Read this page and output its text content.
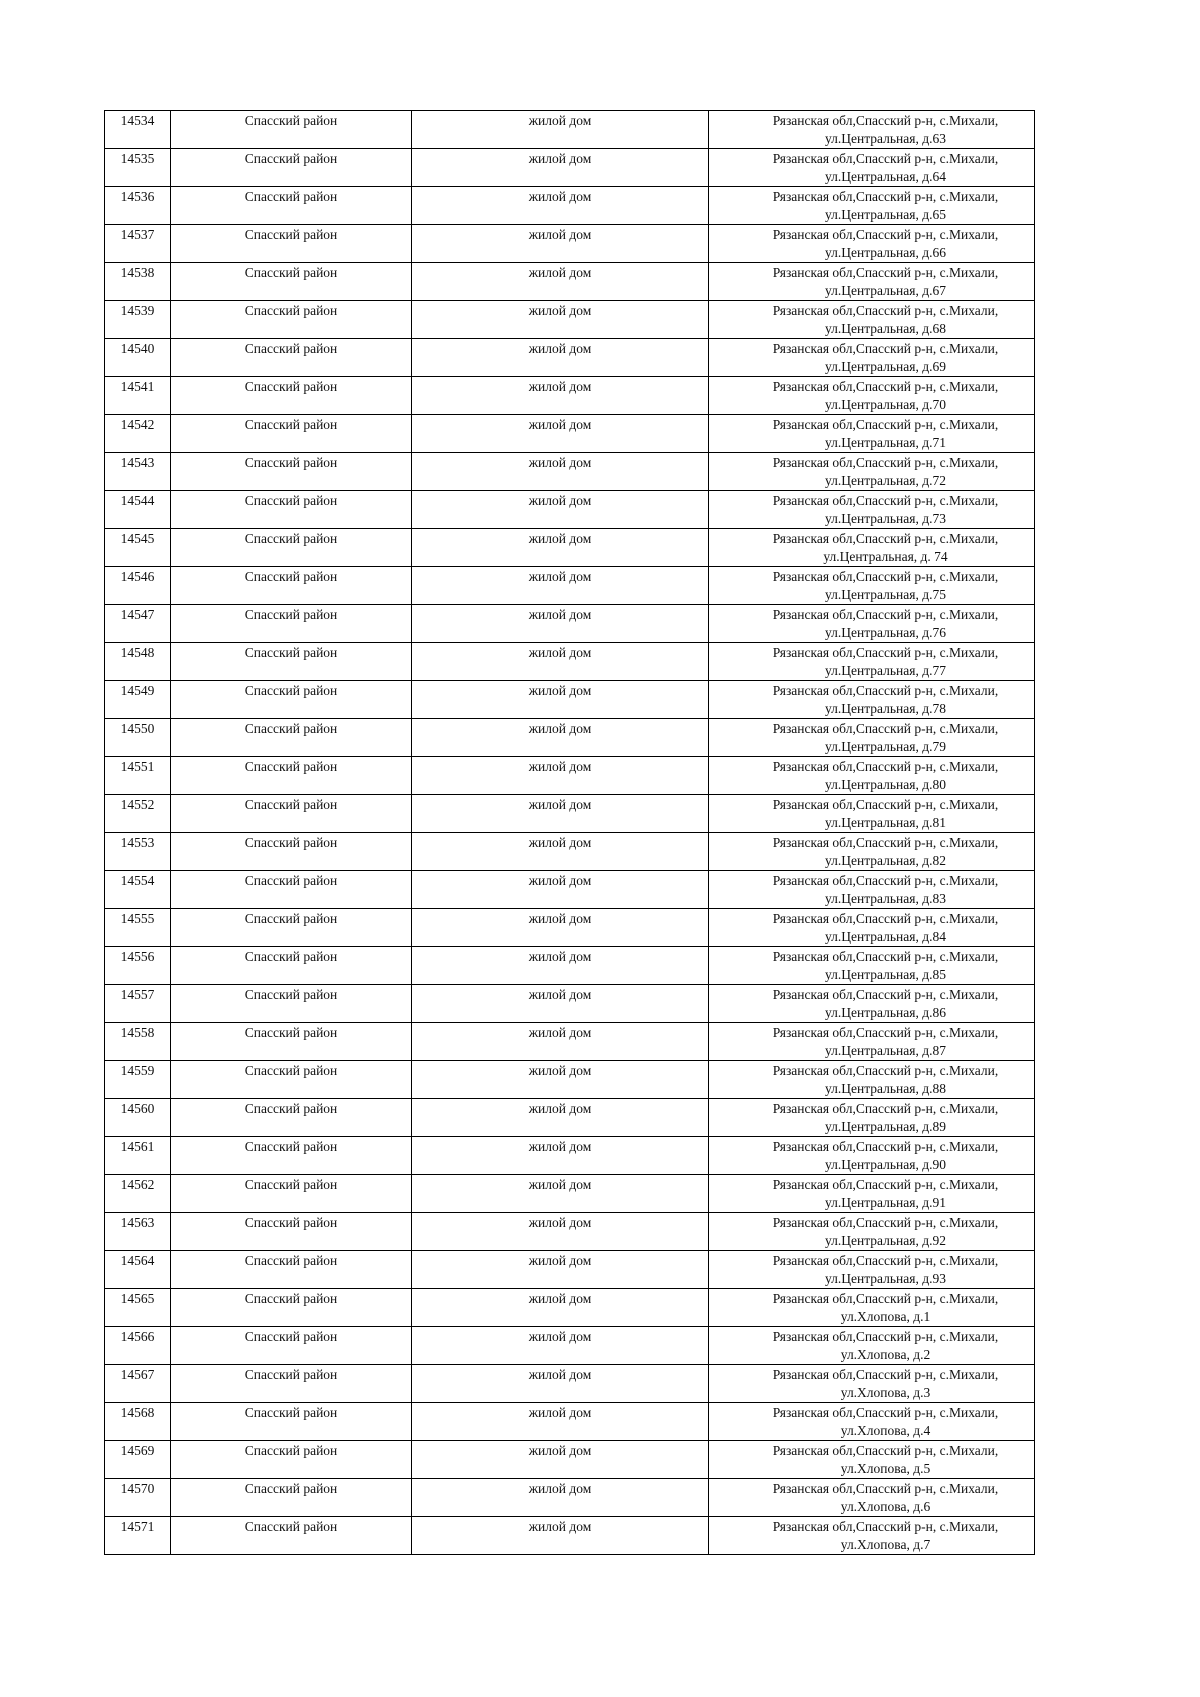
14534	Спасский район	жилой дом	Рязанская обл,Спасский р-н, с.Михали,
ул.Центральная, д.63

14535	Спасский район	жилой дом	Рязанская обл,Спасский р-н, с.Михали,
ул.Центральная, д.64

14536	Спасский район	жилой дом	Рязанская обл,Спасский р-н, с.Михали,
ул.Центральная, д.65

14537	Спасский район	жилой дом	Рязанская обл,Спасский р-н, с.Михали,
ул.Центральная, д.66

14538	Спасский район	жилой дом	Рязанская обл,Спасский р-н, с.Михали,
ул.Центральная, д.67

14539	Спасский район	жилой дом	Рязанская обл,Спасский р-н, с.Михали,
ул.Центральная, д.68

14540	Спасский район	жилой дом	Рязанская обл,Спасский р-н, с.Михали,
ул.Центральная, д.69

14541	Спасский район	жилой дом	Рязанская обл,Спасский р-н, с.Михали,
ул.Центральная, д.70

14542	Спасский район	жилой дом	Рязанская обл,Спасский р-н, с.Михали,
ул.Центральная, д.71

14543	Спасский район	жилой дом	Рязанская обл,Спасский р-н, с.Михали,
ул.Центральная, д.72

14544	Спасский район	жилой дом	Рязанская обл,Спасский р-н, с.Михали,
ул.Центральная, д.73

14545	Спасский район	жилой дом	Рязанская обл,Спасский р-н, с.Михали,
ул.Центральная, д. 74

14546	Спасский район	жилой дом	Рязанская обл,Спасский р-н, с.Михали,
ул.Центральная, д.75

14547	Спасский район	жилой дом	Рязанская обл,Спасский р-н, с.Михали,
ул.Центральная, д.76

14548	Спасский район	жилой дом	Рязанская обл,Спасский р-н, с.Михали,
ул.Центральная, д.77

14549	Спасский район	жилой дом	Рязанская обл,Спасский р-н, с.Михали,
ул.Центральная, д.78

14550	Спасский район	жилой дом	Рязанская обл,Спасский р-н, с.Михали,
ул.Центральная, д.79

14551	Спасский район	жилой дом	Рязанская обл,Спасский р-н, с.Михали,
ул.Центральная, д.80

14552	Спасский район	жилой дом	Рязанская обл,Спасский р-н, с.Михали,
ул.Центральная, д.81

14553	Спасский район	жилой дом	Рязанская обл,Спасский р-н, с.Михали,
ул.Центральная, д.82

14554	Спасский район	жилой дом	Рязанская обл,Спасский р-н, с.Михали,
ул.Центральная, д.83

14555	Спасский район	жилой дом	Рязанская обл,Спасский р-н, с.Михали,
ул.Центральная, д.84

14556	Спасский район	жилой дом	Рязанская обл,Спасский р-н, с.Михали,
ул.Центральная, д.85

14557	Спасский район	жилой дом	Рязанская обл,Спасский р-н, с.Михали,
ул.Центральная, д.86

14558	Спасский район	жилой дом	Рязанская обл,Спасский р-н, с.Михали,
ул.Центральная, д.87

14559	Спасский район	жилой дом	Рязанская обл,Спасский р-н, с.Михали,
ул.Центральная, д.88

14560	Спасский район	жилой дом	Рязанская обл,Спасский р-н, с.Михали,
ул.Центральная, д.89

14561	Спасский район	жилой дом	Рязанская обл,Спасский р-н, с.Михали,
ул.Центральная, д.90

14562	Спасский район	жилой дом	Рязанская обл,Спасский р-н, с.Михали,
ул.Центральная, д.91

14563	Спасский район	жилой дом	Рязанская обл,Спасский р-н, с.Михали,
ул.Центральная, д.92

14564	Спасский район	жилой дом	Рязанская обл,Спасский р-н, с.Михали,
ул.Центральная, д.93

14565	Спасский район	жилой дом	Рязанская обл,Спасский р-н, с.Михали,
ул.Хлопова, д.1

14566	Спасский район	жилой дом	Рязанская обл,Спасский р-н, с.Михали,
ул.Хлопова, д.2

14567	Спасский район	жилой дом	Рязанская обл,Спасский р-н, с.Михали,
ул.Хлопова, д.3

14568	Спасский район	жилой дом	Рязанская обл,Спасский р-н, с.Михали,
ул.Хлопова, д.4

14569	Спасский район	жилой дом	Рязанская обл,Спасский р-н, с.Михали,
ул.Хлопова, д.5

14570	Спасский район	жилой дом	Рязанская обл,Спасский р-н, с.Михали,
ул.Хлопова, д.6

14571	Спасский район	жилой дом	Рязанская обл,Спасский р-н, с.Михали,
ул.Хлопова, д.7
